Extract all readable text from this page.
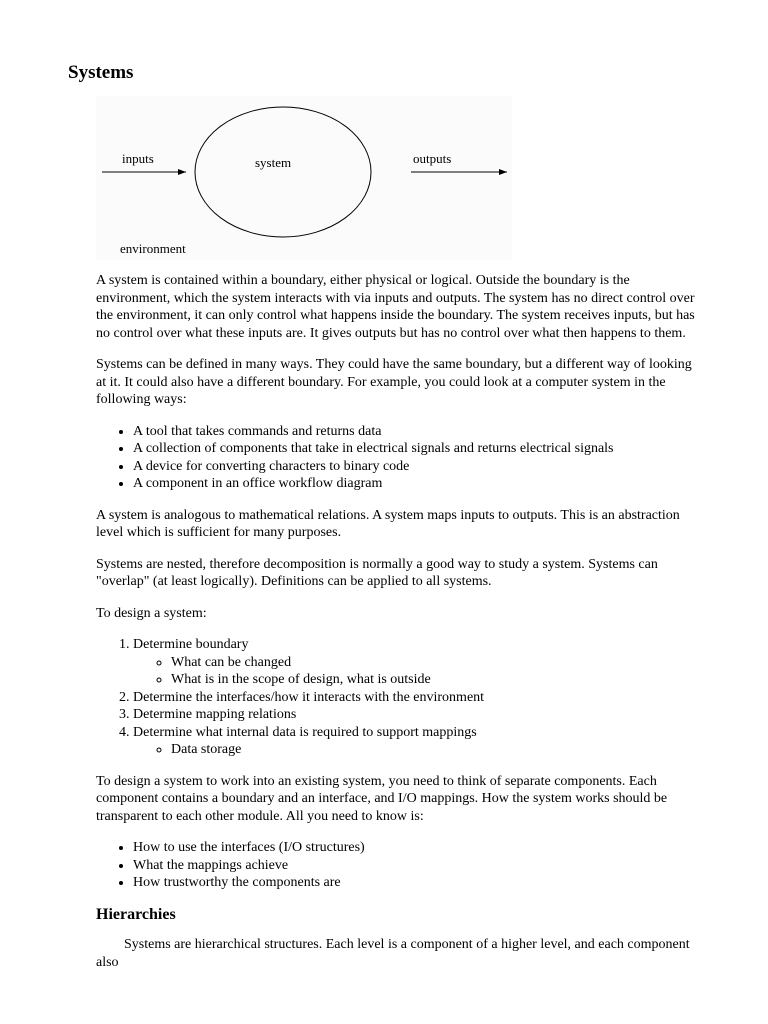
Systems
inputs	system	outputs
environment

A system is contained within a boundary, either physical or logical. Outside the boundary is the environment, which the system interacts with via inputs and outputs. The system has no direct control over the environment, it can only control what happens inside the boundary. The system receives inputs, but has no control over what these inputs are. It gives outputs but has no control over what then happens to them.

Systems can be defined in many ways. They could have the same boundary, but a different way of looking at it. It could also have a different boundary. For example, you could look at a computer system in the following ways:

• A tool that takes commands and returns data
• A collection of components that take in electrical signals and returns electrical signals
• A device for converting characters to binary code
• A component in an office workflow diagram

A system is analogous to mathematical relations. A system maps inputs to outputs. This is an abstraction level which is sufficient for many purposes.

Systems are nested, therefore decomposition is normally a good way to study a system. Systems can "overlap" (at least logically). Definitions can be applied to all systems.

To design a system:

1. Determine boundary
◦ What can be changed
◦ What is in the scope of design, what is outside
2. Determine the interfaces/how it interacts with the environment
3. Determine mapping relations
4. Determine what internal data is required to support mappings
◦ Data storage

To design a system to work into an existing system, you need to think of separate components. Each component contains a boundary and an interface, and I/O mappings. How the system works should be transparent to each other module. All you need to know is:

• How to use the interfaces (I/O structures)
• What the mappings achieve
• How trustworthy the components are
Hierarchies

Systems are hierarchical structures. Each level is a component of a higher level, and each component also
